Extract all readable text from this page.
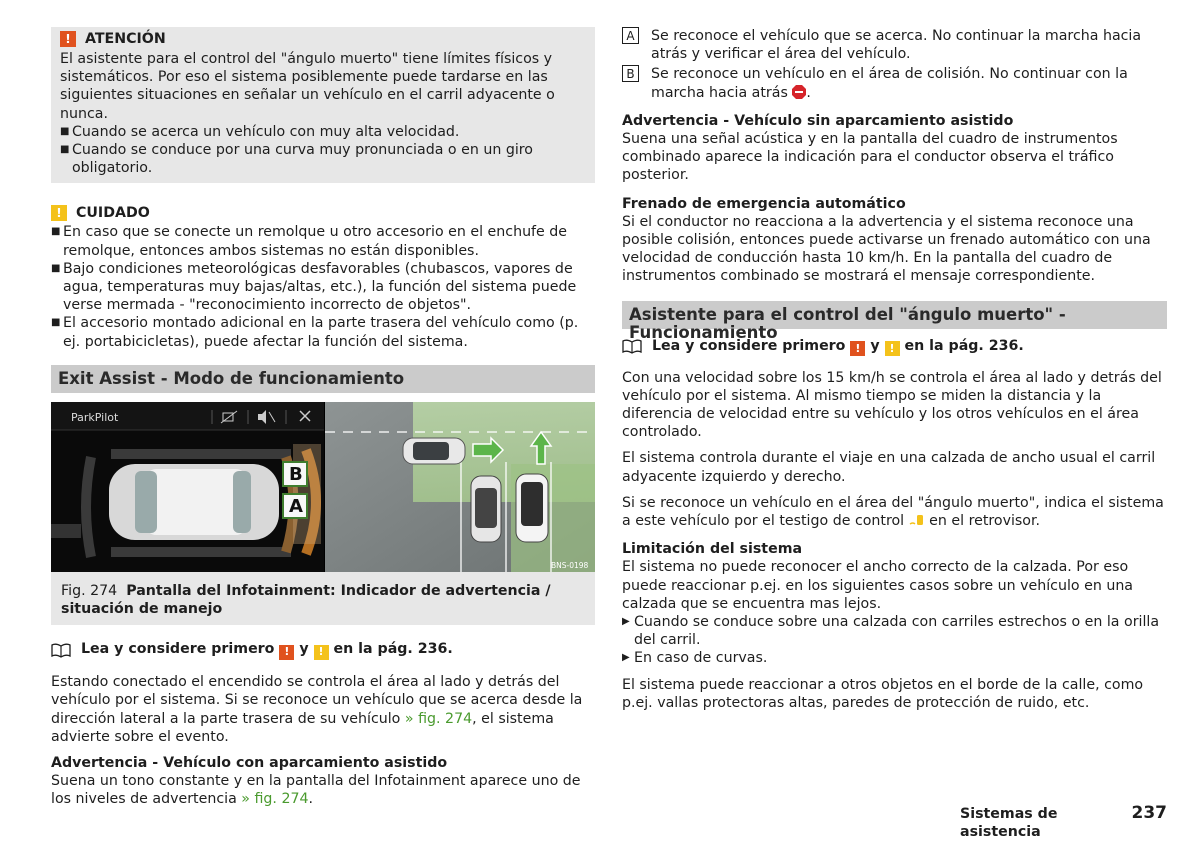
!	ATENCIÓN

El asistente para el control del "ángulo muerto" tiene límites físicos y sistemáticos. Por eso el sistema posiblemente puede tardarse en las siguientes situaciones en señalar un vehículo en el carril adyacente o nunca.

■ Cuando se acerca un vehículo con muy alta velocidad.
■ Cuando se conduce por una curva muy pronunciada o en un giro obligatorio.
!	CUIDADO
■ En caso que se conecte un remolque u otro accesorio en el enchufe de remolque, entonces ambos sistemas no están disponibles.
■ Bajo condiciones meteorológicas desfavorables (chubascos, vapores de agua, temperaturas muy bajas/altas, etc.), la función del sistema puede verse mermada - "reconocimiento incorrecto de objetos".
■ El accesorio montado adicional en la parte trasera del vehículo como (p. ej. portabicicletas), puede afectar la función del sistema.
Exit Assist - Modo de funcionamiento
ParkPilot
B
A
BNS-0198
Fig. 274 Pantalla del Infotainment: Indicador de advertencia / situación de manejo
Lea y considere primero ! y ! en la pág. 236.

Estando conectado el encendido se controla el área al lado y detrás del vehículo por el sistema. Si se reconoce un vehículo que se acerca desde la dirección lateral a la parte trasera de su vehículo » fig. 274, el sistema advierte sobre el evento.

Advertencia - Vehículo con aparcamiento asistido

Suena un tono constante y en la pantalla del Infotainment aparece uno de los niveles de advertencia » fig. 274.

A	Se reconoce el vehículo que se acerca. No continuar la marcha hacia atrás y verificar el área del vehículo.
B	Se reconoce un vehículo en el área de colisión. No continuar con la marcha hacia atrás .

Advertencia - Vehículo sin aparcamiento asistido

Suena una señal acústica y en la pantalla del cuadro de instrumentos combinado aparece la indicación para el conductor observa el tráfico posterior.

Frenado de emergencia automático

Si el conductor no reacciona a la advertencia y el sistema reconoce una posible colisión, entonces puede activarse un frenado automático con una velocidad de conducción hasta 10 km/h. En la pantalla del cuadro de instrumentos combinado se mostrará el mensaje correspondiente.

Asistente para el control del "ángulo muerto" - Funcionamiento
Lea y considere primero ! y ! en la pág. 236.

Con una velocidad sobre los 15 km/h se controla el área al lado y detrás del vehículo por el sistema. Al mismo tiempo se miden la distancia y la diferencia de velocidad entre su vehículo y los otros vehículos en el área controlado.

El sistema controla durante el viaje en una calzada de ancho usual el carril adyacente izquierdo y derecho.

Si se reconoce un vehículo en el área del "ángulo muerto", indica el sistema a este vehículo por el testigo de control en el retrovisor.

Limitación del sistema

El sistema no puede reconocer el ancho correcto de la calzada. Por eso puede reaccionar p.ej. en los siguientes casos sobre un vehículo en una calzada que se encuentra mas lejos.

▶ Cuando se conduce sobre una calzada con carriles estrechos o en la orilla del carril.
▶ En caso de curvas.

El sistema puede reaccionar a otros objetos en el borde de la calle, como p.ej. vallas protectoras altas, paredes de protección de ruido, etc.

Sistemas de asistencia
237
